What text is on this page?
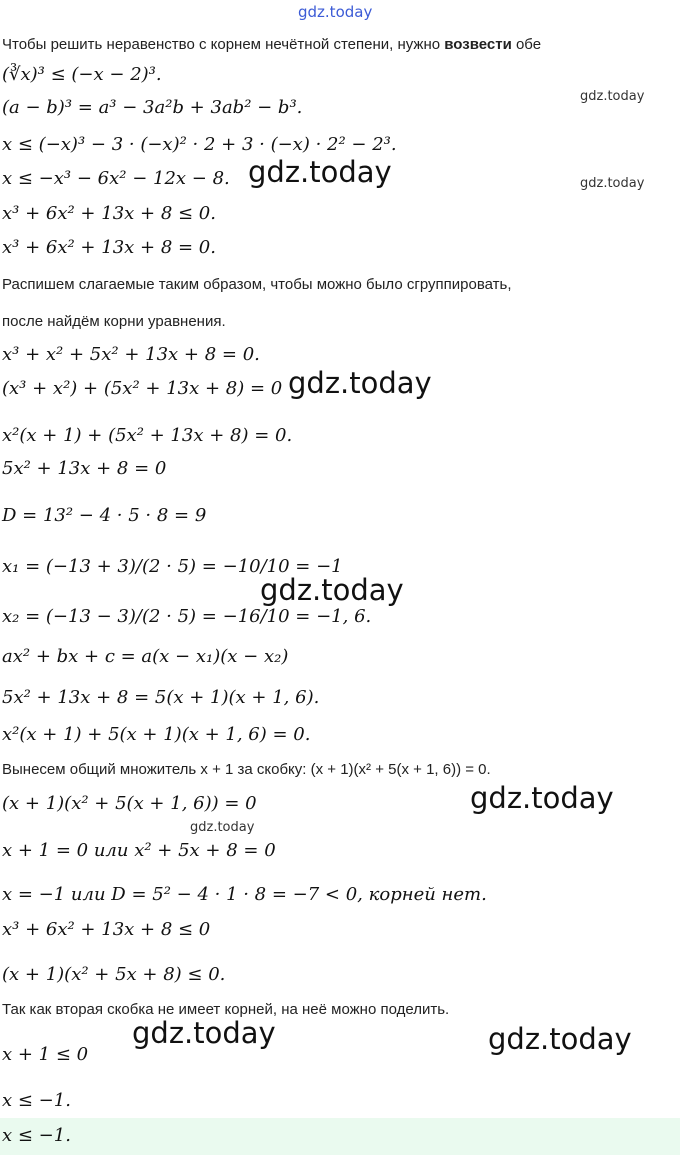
gdz.today
Чтобы решить неравенство с корнем нечётной степени, нужно возвести обе
(∛x)³ ≤ (−x − 2)³.
(a − b)³ = a³ − 3a²b + 3ab² − b³.
x ≤ (−x)³ − 3 · (−x)² · 2 + 3 · (−x) · 2² − 2³.
x ≤ −x³ − 6x² − 12x − 8.
x³ + 6x² + 13x + 8 ≤ 0.
x³ + 6x² + 13x + 8 = 0.
Распишем слагаемые таким образом, чтобы можно было сгруппировать,
после найдём корни уравнения.
x³ + x² + 5x² + 13x + 8 = 0.
(x³ + x²) + (5x² + 13x + 8) = 0
x²(x + 1) + (5x² + 13x + 8) = 0.
5x² + 13x + 8 = 0
D = 13² − 4 · 5 · 8 = 9
x₁ = (−13 + 3)/(2 · 5) = −10/10 = −1
x₂ = (−13 − 3)/(2 · 5) = −16/10 = −1, 6.
ax² + bx + c = a(x − x₁)(x − x₂)
5x² + 13x + 8 = 5(x + 1)(x + 1, 6).
x²(x + 1) + 5(x + 1)(x + 1, 6) = 0.
Вынесем общий множитель x + 1 за скобку: (x + 1)(x² + 5(x + 1, 6)) = 0.
(x + 1)(x² + 5(x + 1, 6)) = 0
x + 1 = 0 или x² + 5x + 8 = 0
x = −1 или D = 5² − 4 · 1 · 8 = −7 < 0, корней нет.
x³ + 6x² + 13x + 8 ≤ 0
(x + 1)(x² + 5x + 8) ≤ 0.
Так как вторая скобка не имеет корней, на неё можно поделить.
x + 1 ≤ 0
x ≤ −1.
x ≤ −1.
gdz.today
gdz.today
gdz.today
gdz.today
gdz.today
gdz.today
gdz.today
gdz.today	gdz.today
